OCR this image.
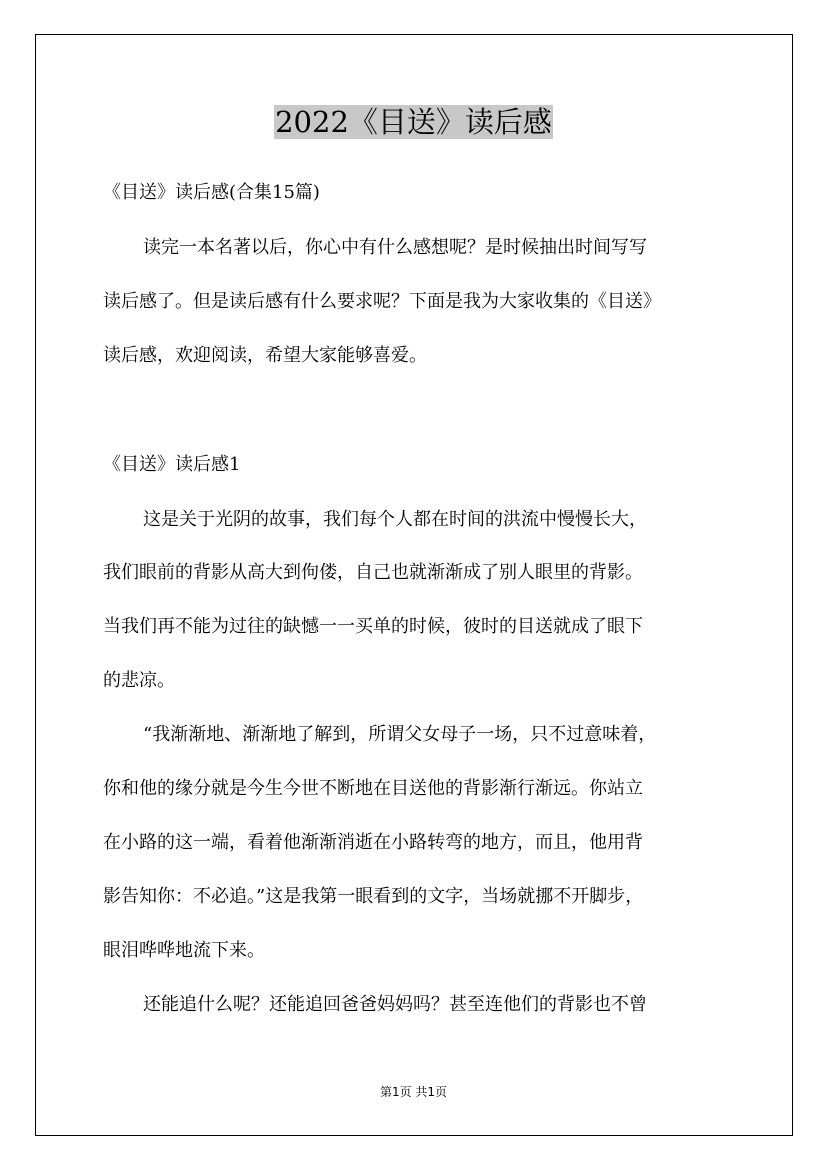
2022《目送》读后感
《目送》读后感(合集15篇)
读完一本名著以后，你心中有什么感想呢？是时候抽出时间写写
读后感了。但是读后感有什么要求呢？下面是我为大家收集的《目送》
读后感，欢迎阅读，希望大家能够喜爱。
《目送》读后感1
这是关于光阴的故事，我们每个人都在时间的洪流中慢慢长大，
我们眼前的背影从高大到佝偻，自己也就渐渐成了别人眼里的背影。
当我们再不能为过往的缺憾一一买单的时候，彼时的目送就成了眼下
的悲凉。
“我渐渐地、渐渐地了解到，所谓父女母子一场，只不过意味着，
你和他的缘分就是今生今世不断地在目送他的背影渐行渐远。你站立
在小路的这一端，看着他渐渐消逝在小路转弯的地方，而且，他用背
影告知你：不必追。”这是我第一眼看到的文字，当场就挪不开脚步，
眼泪哗哗地流下来。
还能追什么呢？还能追回爸爸妈妈吗？甚至连他们的背影也不曾
第1页 共1页
